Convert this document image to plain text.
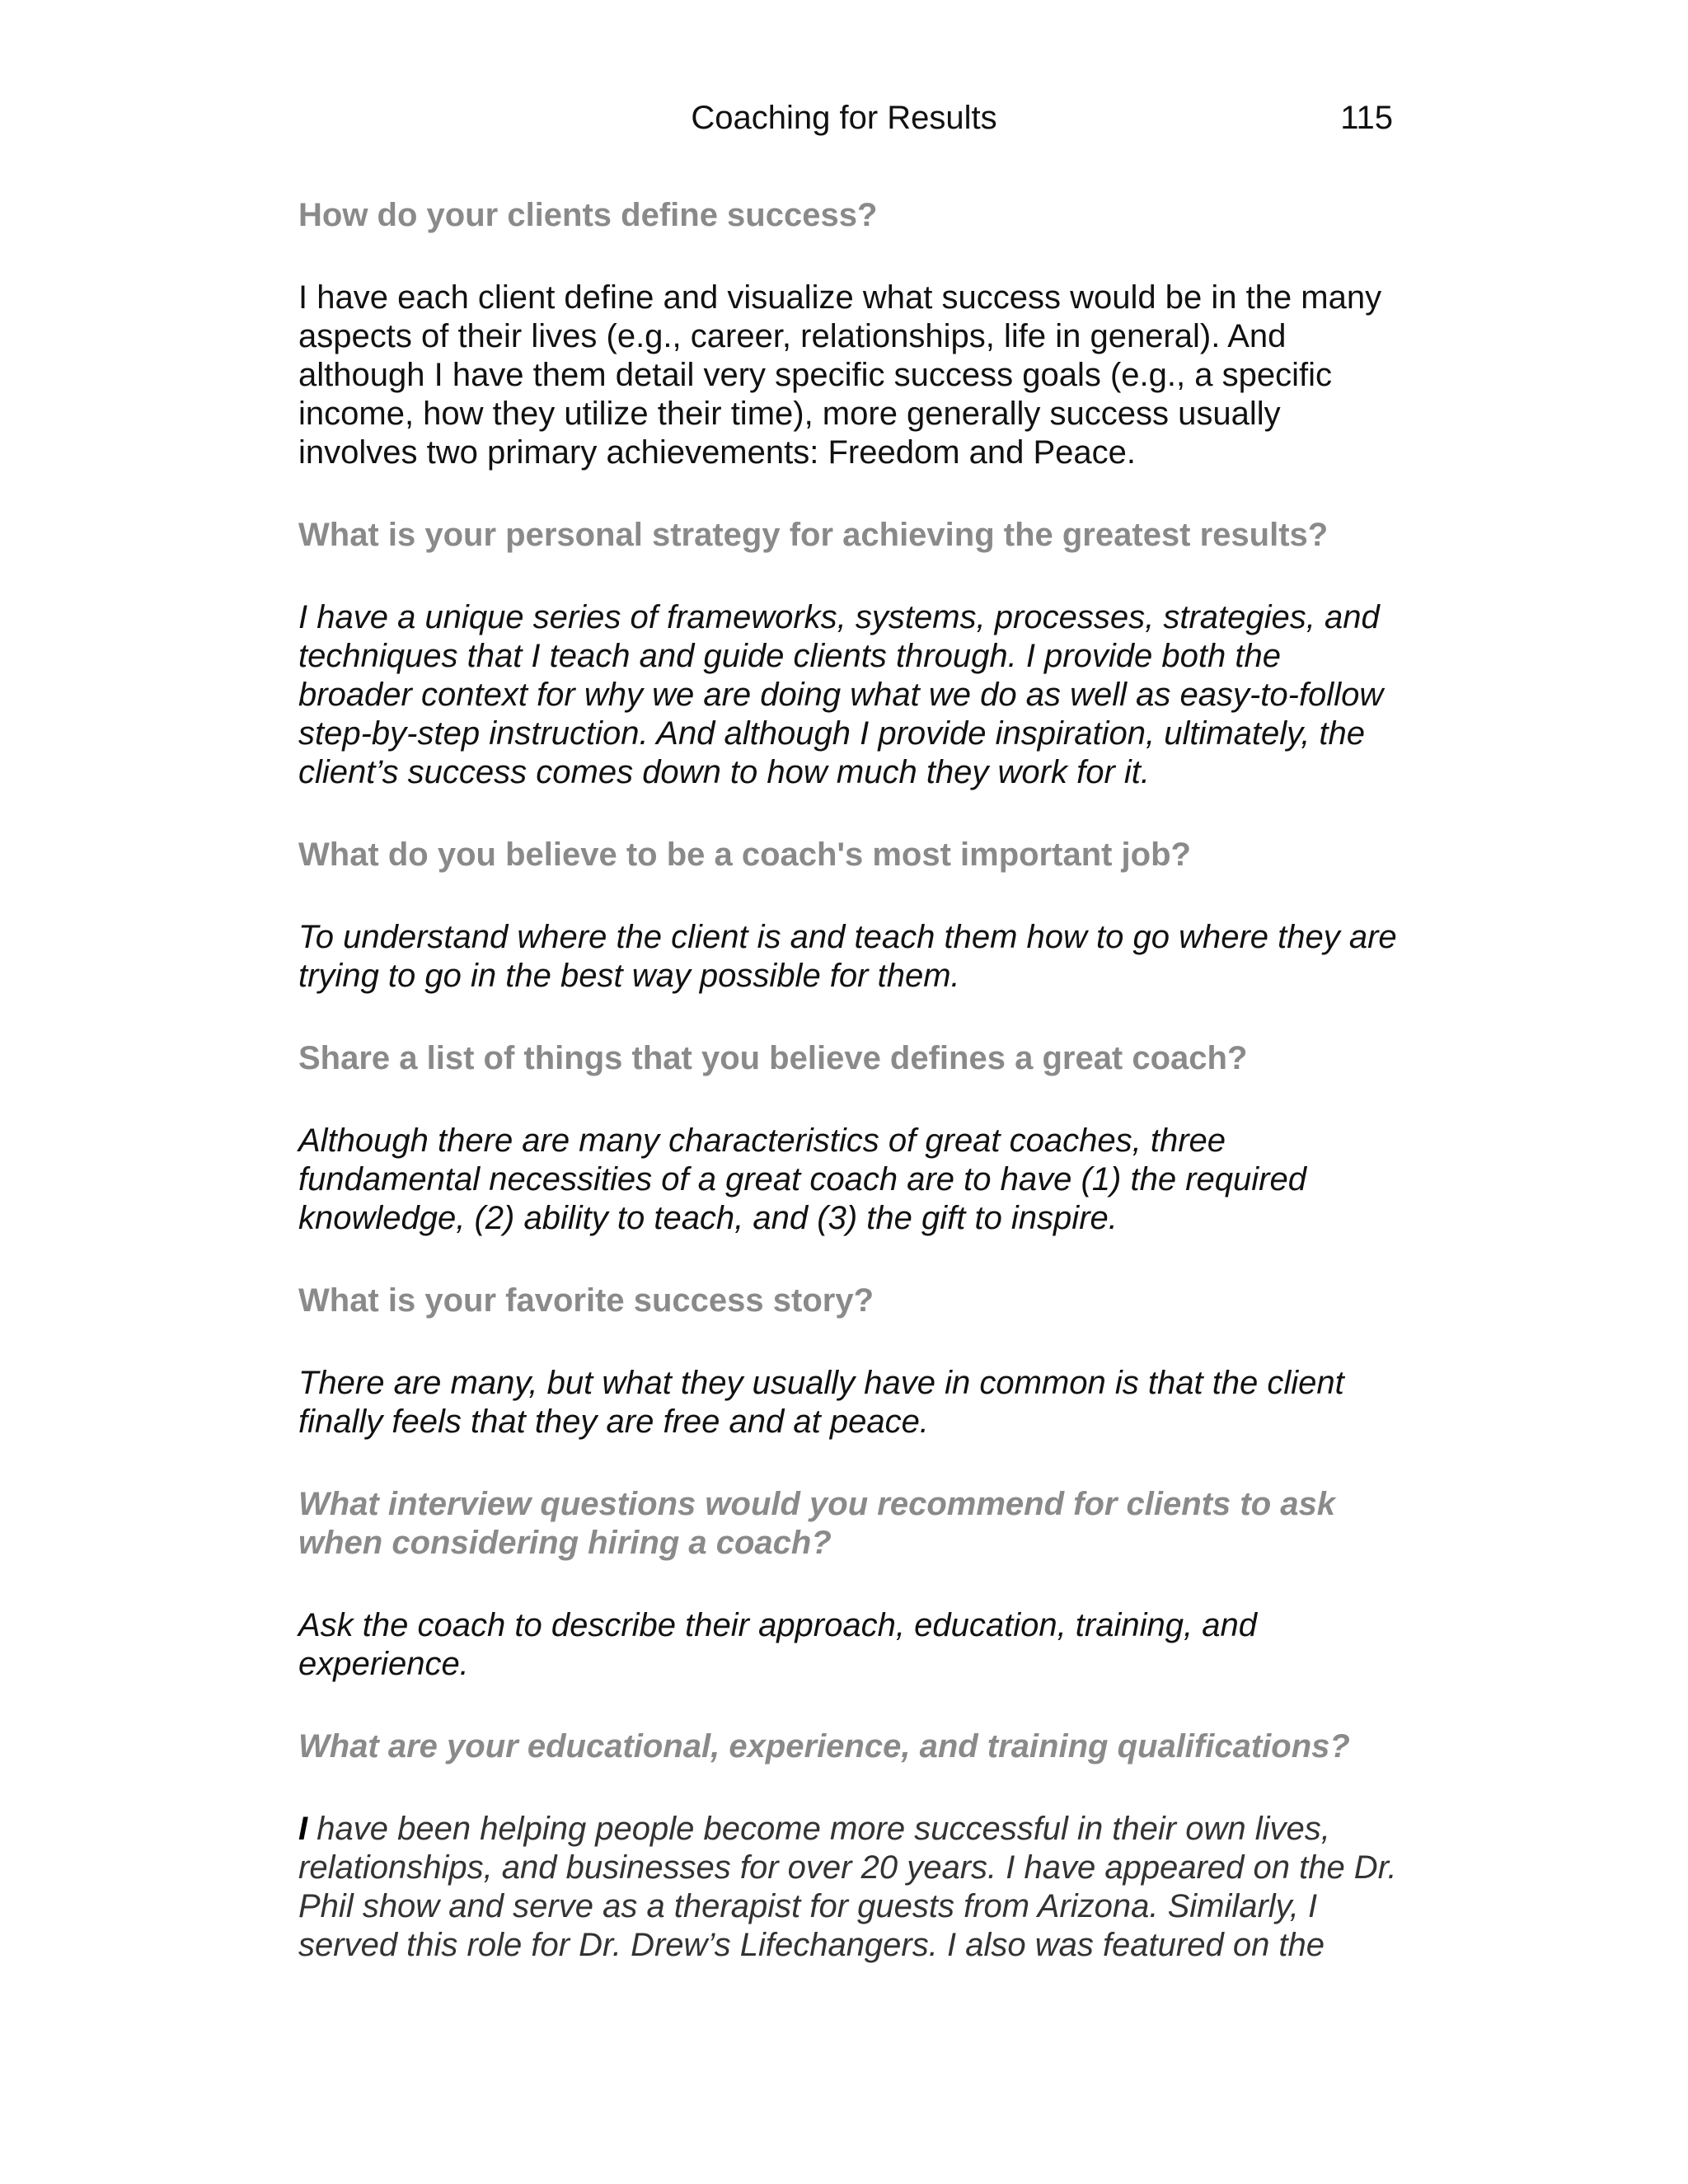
Coaching for Results	115

How do your clients define success?

I have each client define and visualize what success would be in the many aspects of their lives (e.g., career, relationships, life in general). And although I have them detail very specific success goals (e.g., a specific income, how they utilize their time), more generally success usually involves two primary achievements: Freedom and Peace.

What is your personal strategy for achieving the greatest results?

I have a unique series of frameworks, systems, processes, strategies, and techniques that I teach and guide clients through. I provide both the broader context for why we are doing what we do as well as easy-to-follow step-by-step instruction. And although I provide inspiration, ultimately, the client’s success comes down to how much they work for it.

What do you believe to be a coach's most important job?

To understand where the client is and teach them how to go where they are trying to go in the best way possible for them.

Share a list of things that you believe defines a great coach?

Although there are many characteristics of great coaches, three fundamental necessities of a great coach are to have (1) the required knowledge, (2) ability to teach, and (3) the gift to inspire.

What is your favorite success story?

There are many, but what they usually have in common is that the client finally feels that they are free and at peace.

What interview questions would you recommend for clients to ask when considering hiring a coach?

Ask the coach to describe their approach, education, training, and experience.

What are your educational, experience, and training qualifications?

I have been helping people become more successful in their own lives, relationships, and businesses for over 20 years. I have appeared on the Dr. Phil show and serve as a therapist for guests from Arizona. Similarly, I served this role for Dr. Drew’s Lifechangers. I also was featured on the
